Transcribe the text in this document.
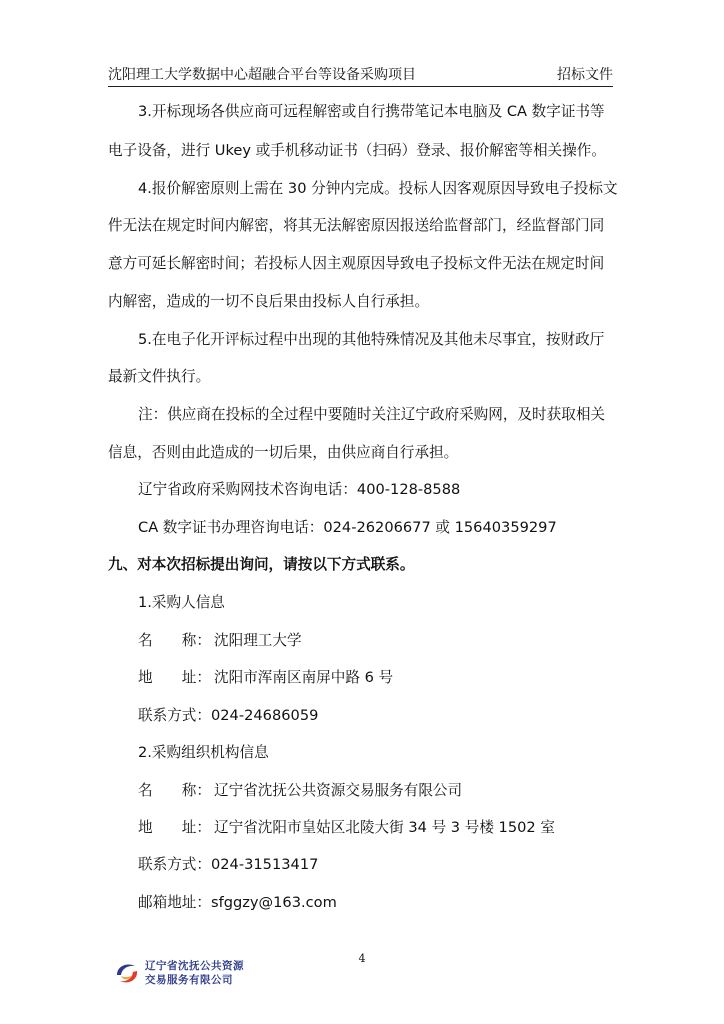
沈阳理工大学数据中心超融合平台等设备采购项目	招标文件
3.开标现场各供应商可远程解密或自行携带笔记本电脑及 CA 数字证书等
电子设备，进行 Ukey 或手机移动证书（扫码）登录、报价解密等相关操作。
4.报价解密原则上需在 30 分钟内完成。投标人因客观原因导致电子投标文
件无法在规定时间内解密，将其无法解密原因报送给监督部门，经监督部门同
意方可延长解密时间；若投标人因主观原因导致电子投标文件无法在规定时间
内解密，造成的一切不良后果由投标人自行承担。
5.在电子化开评标过程中出现的其他特殊情况及其他未尽事宜，按财政厅
最新文件执行。
注：供应商在投标的全过程中要随时关注辽宁政府采购网，及时获取相关
信息，否则由此造成的一切后果，由供应商自行承担。
辽宁省政府采购网技术咨询电话：400-128-8588
CA 数字证书办理咨询电话：024-26206677 或 15640359297
九、对本次招标提出询问，请按以下方式联系。
1.采购人信息
名　　称： 沈阳理工大学
地　　址： 沈阳市浑南区南屏中路 6 号
联系方式：024-24686059
2.采购组织机构信息
名　　称： 辽宁省沈抚公共资源交易服务有限公司
地　　址： 辽宁省沈阳市皇姑区北陵大街 34 号 3 号楼 1502 室
联系方式：024-31513417
邮箱地址：sfggzy@163.com
4
辽宁省沈抚公共资源
交易服务有限公司
